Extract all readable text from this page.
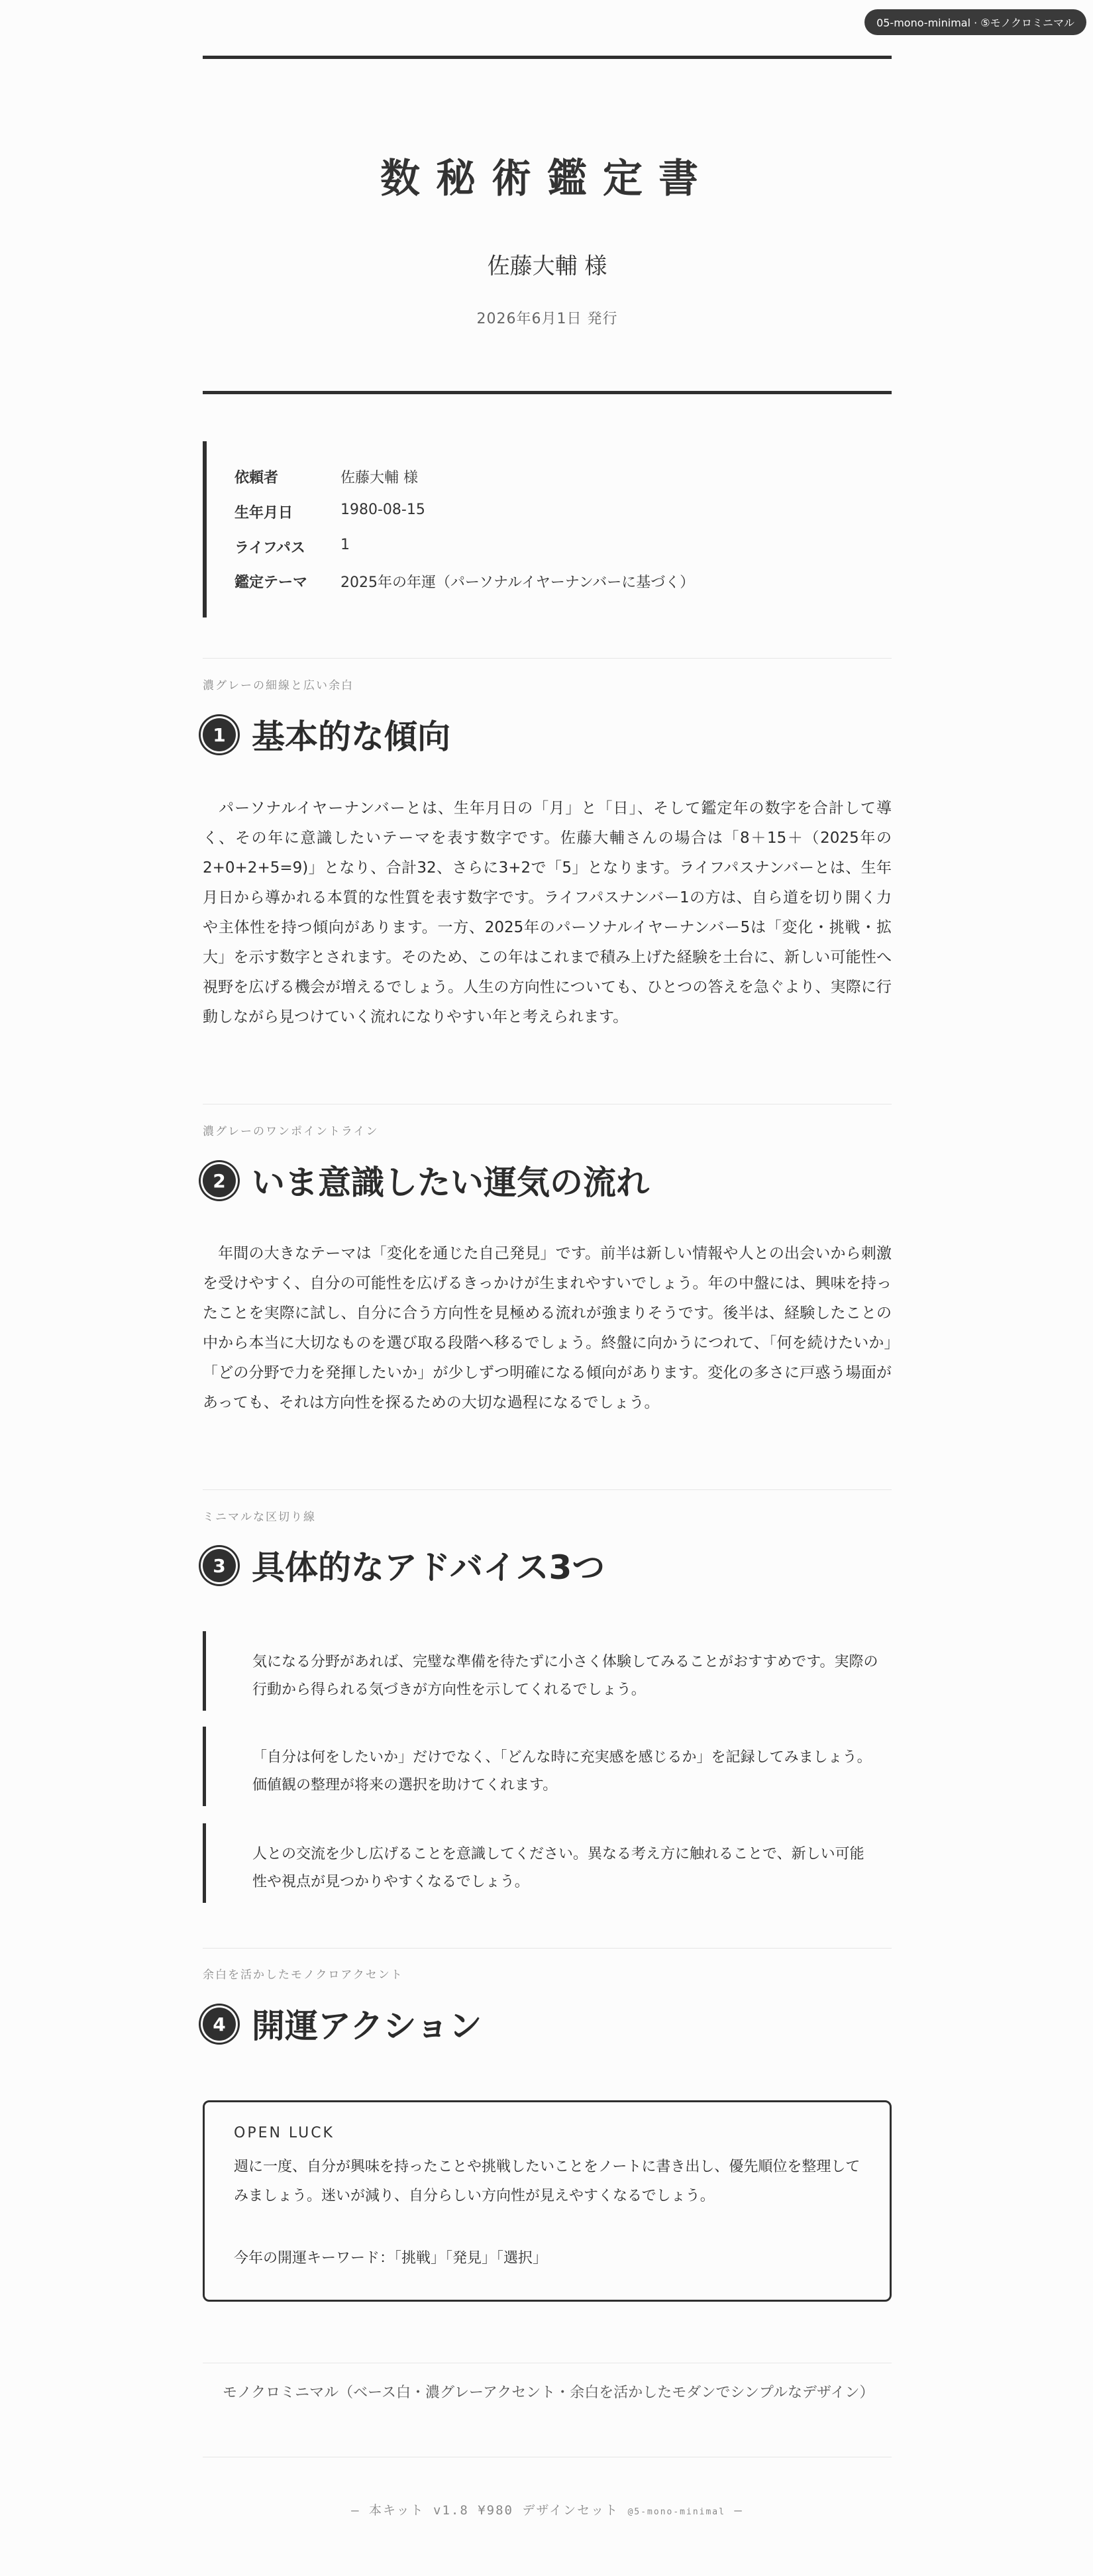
05-mono-minimal · ⑤モノクロミニマル
数秘術鑑定書
佐藤大輔 様
2026年6月1日 発行
依頼者	佐藤大輔 様
生年月日	1980-08-15
ライフパス 1
鑑定テーマ 2025年の年運（パーソナルイヤーナンバーに基づく）
濃グレーの細線と広い余白
1 基本的な傾向

　パーソナルイヤーナンバーとは、生年月日の「月」と「日」、そして鑑定年の数字を合計して導く、その年に意識したいテーマを表す数字です。佐藤大輔さんの場合は「8＋15＋（2025年の2+0+2+5=9)」となり、合計32、さらに3+2で「5」となります。ライフパスナンバーとは、生年月日から導かれる本質的な性質を表す数字です。ライフパスナンバー1の方は、自ら道を切り開く力や主体性を持つ傾向があります。一方、2025年のパーソナルイヤーナンバー5は「変化・挑戦・拡大」を示す数字とされます。そのため、この年はこれまで積み上げた経験を土台に、新しい可能性へ視野を広げる機会が増えるでしょう。人生の方向性についても、ひとつの答えを急ぐより、実際に行動しながら見つけていく流れになりやすい年と考えられます。

濃グレーのワンポイントライン
2 いま意識したい運気の流れ

　年間の大きなテーマは「変化を通じた自己発見」です。前半は新しい情報や人との出会いから刺激を受けやすく、自分の可能性を広げるきっかけが生まれやすいでしょう。年の中盤には、興味を持ったことを実際に試し、自分に合う方向性を見極める流れが強まりそうです。後半は、経験したことの中から本当に大切なものを選び取る段階へ移るでしょう。終盤に向かうにつれて、「何を続けたいか」「どの分野で力を発揮したいか」が少しずつ明確になる傾向があります。変化の多さに戸惑う場面があっても、それは方向性を探るための大切な過程になるでしょう。

ミニマルな区切り線
3 具体的なアドバイス3つ

気になる分野があれば、完璧な準備を待たずに小さく体験してみることがおすすめです。実際の行動から得られる気づきが方向性を示してくれるでしょう。

「自分は何をしたいか」だけでなく、「どんな時に充実感を感じるか」を記録してみましょう。価値観の整理が将来の選択を助けてくれます。

人との交流を少し広げることを意識してください。異なる考え方に触れることで、新しい可能性や視点が見つかりやすくなるでしょう。

余白を活かしたモノクロアクセント
4 開運アクション
OPEN LUCK

週に一度、自分が興味を持ったことや挑戦したいことをノートに書き出し、優先順位を整理してみましょう。迷いが減り、自分らしい方向性が見えやすくなるでしょう。

今年の開運キーワード：「挑戦」「発見」「選択」
モノクロミニマル（ベース白・濃グレーアクセント・余白を活かしたモダンでシンプルなデザイン）
— 本キット v1.8 ¥980 デザインセット @5-mono-minimal —
